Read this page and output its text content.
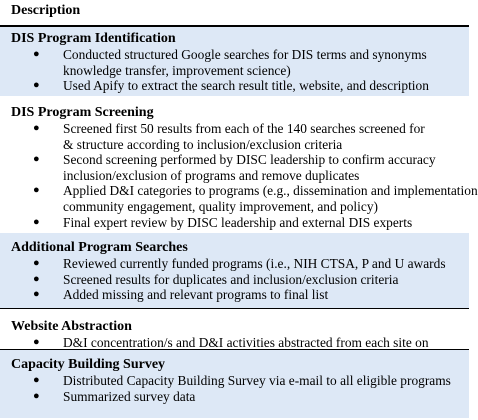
Description
DIS Program Identification
● Conducted structured Google searches for DIS terms and synonyms
knowledge transfer, improvement science)
● Used Apify to extract the search result title, website, and description
DIS Program Screening
● Screened first 50 results from each of the 140 searches screened for
& structure according to inclusion/exclusion criteria
● Second screening performed by DISC leadership to confirm accuracy
inclusion/exclusion of programs and remove duplicates
● Applied D&I categories to programs (e.g., dissemination and implementation
community engagement, quality improvement, and policy)
● Final expert review by DISC leadership and external DIS experts
Additional Program Searches
● Reviewed currently funded programs (i.e., NIH CTSA, P and U awards
● Screened results for duplicates and inclusion/exclusion criteria
● Added missing and relevant programs to final list
Website Abstraction
● D&I concentration/s and D&I activities abstracted from each site on
Capacity Building Survey
● Distributed Capacity Building Survey via e-mail to all eligible programs
● Summarized survey data
